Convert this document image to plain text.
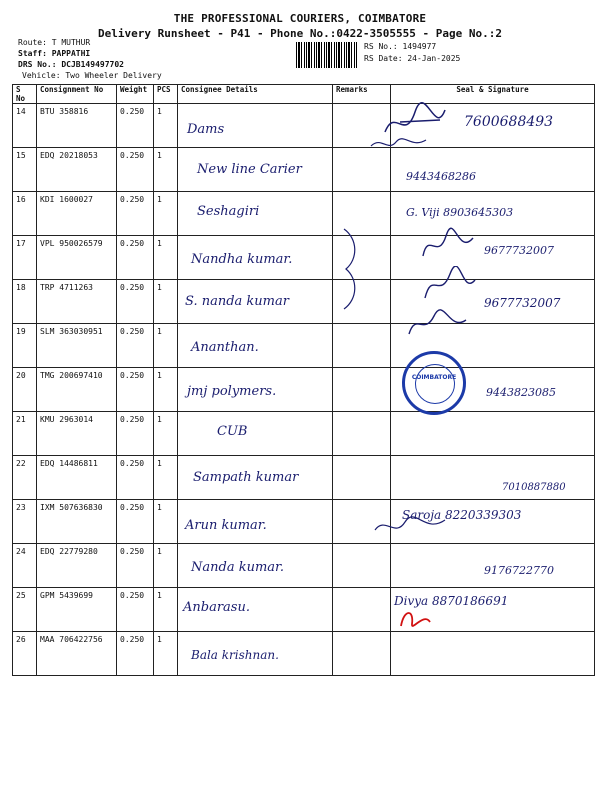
THE PROFESSIONAL COURIERS, COIMBATORE
Delivery Runsheet - P41 - Phone No.:0422-3505555 - Page No.:2
Route: T MUTHUR
Staff: PAPPATHI
DRS No.: DCJB149497702
Vehicle: Two Wheeler Delivery
RS No.: 1494977
RS Date: 24-Jan-2025
S No	Consignment No	Weight	PCS	Consignee Details	Remarks	Seal & Signature
14	BTU 358816	0.250	1	Dams		7600688493

15	EDQ 20218053	0.250	1	New line Carier		9443468286

16	KDI 1600027	0.250	1	Seshagiri		G. Viji 8903645303

17	VPL 950026579	0.250	1	Nandha kumar.		9677732007

18	TRP 4711263	0.250	1	S. nanda kumar		9677732007

19	SLM 363030951	0.250	1	Ananthan.		

20	TMG 200697410	0.250	1	jmj polymers.		9443823085

21	KMU 2963014	0.250	1	CUB		

22	EDQ 14486811	0.250	1	Sampath kumar		7010887880

23	IXM 507636830	0.250	1	Arun kumar.		Saroja 8220339303

24	EDQ 22779280	0.250	1	Nanda kumar.		9176722770

25	GPM 5439699	0.250	1	Anbarasu.		Divya 8870186691

26	MAA 706422756	0.250	1	Bala krishnan.		

COIMBATORE
